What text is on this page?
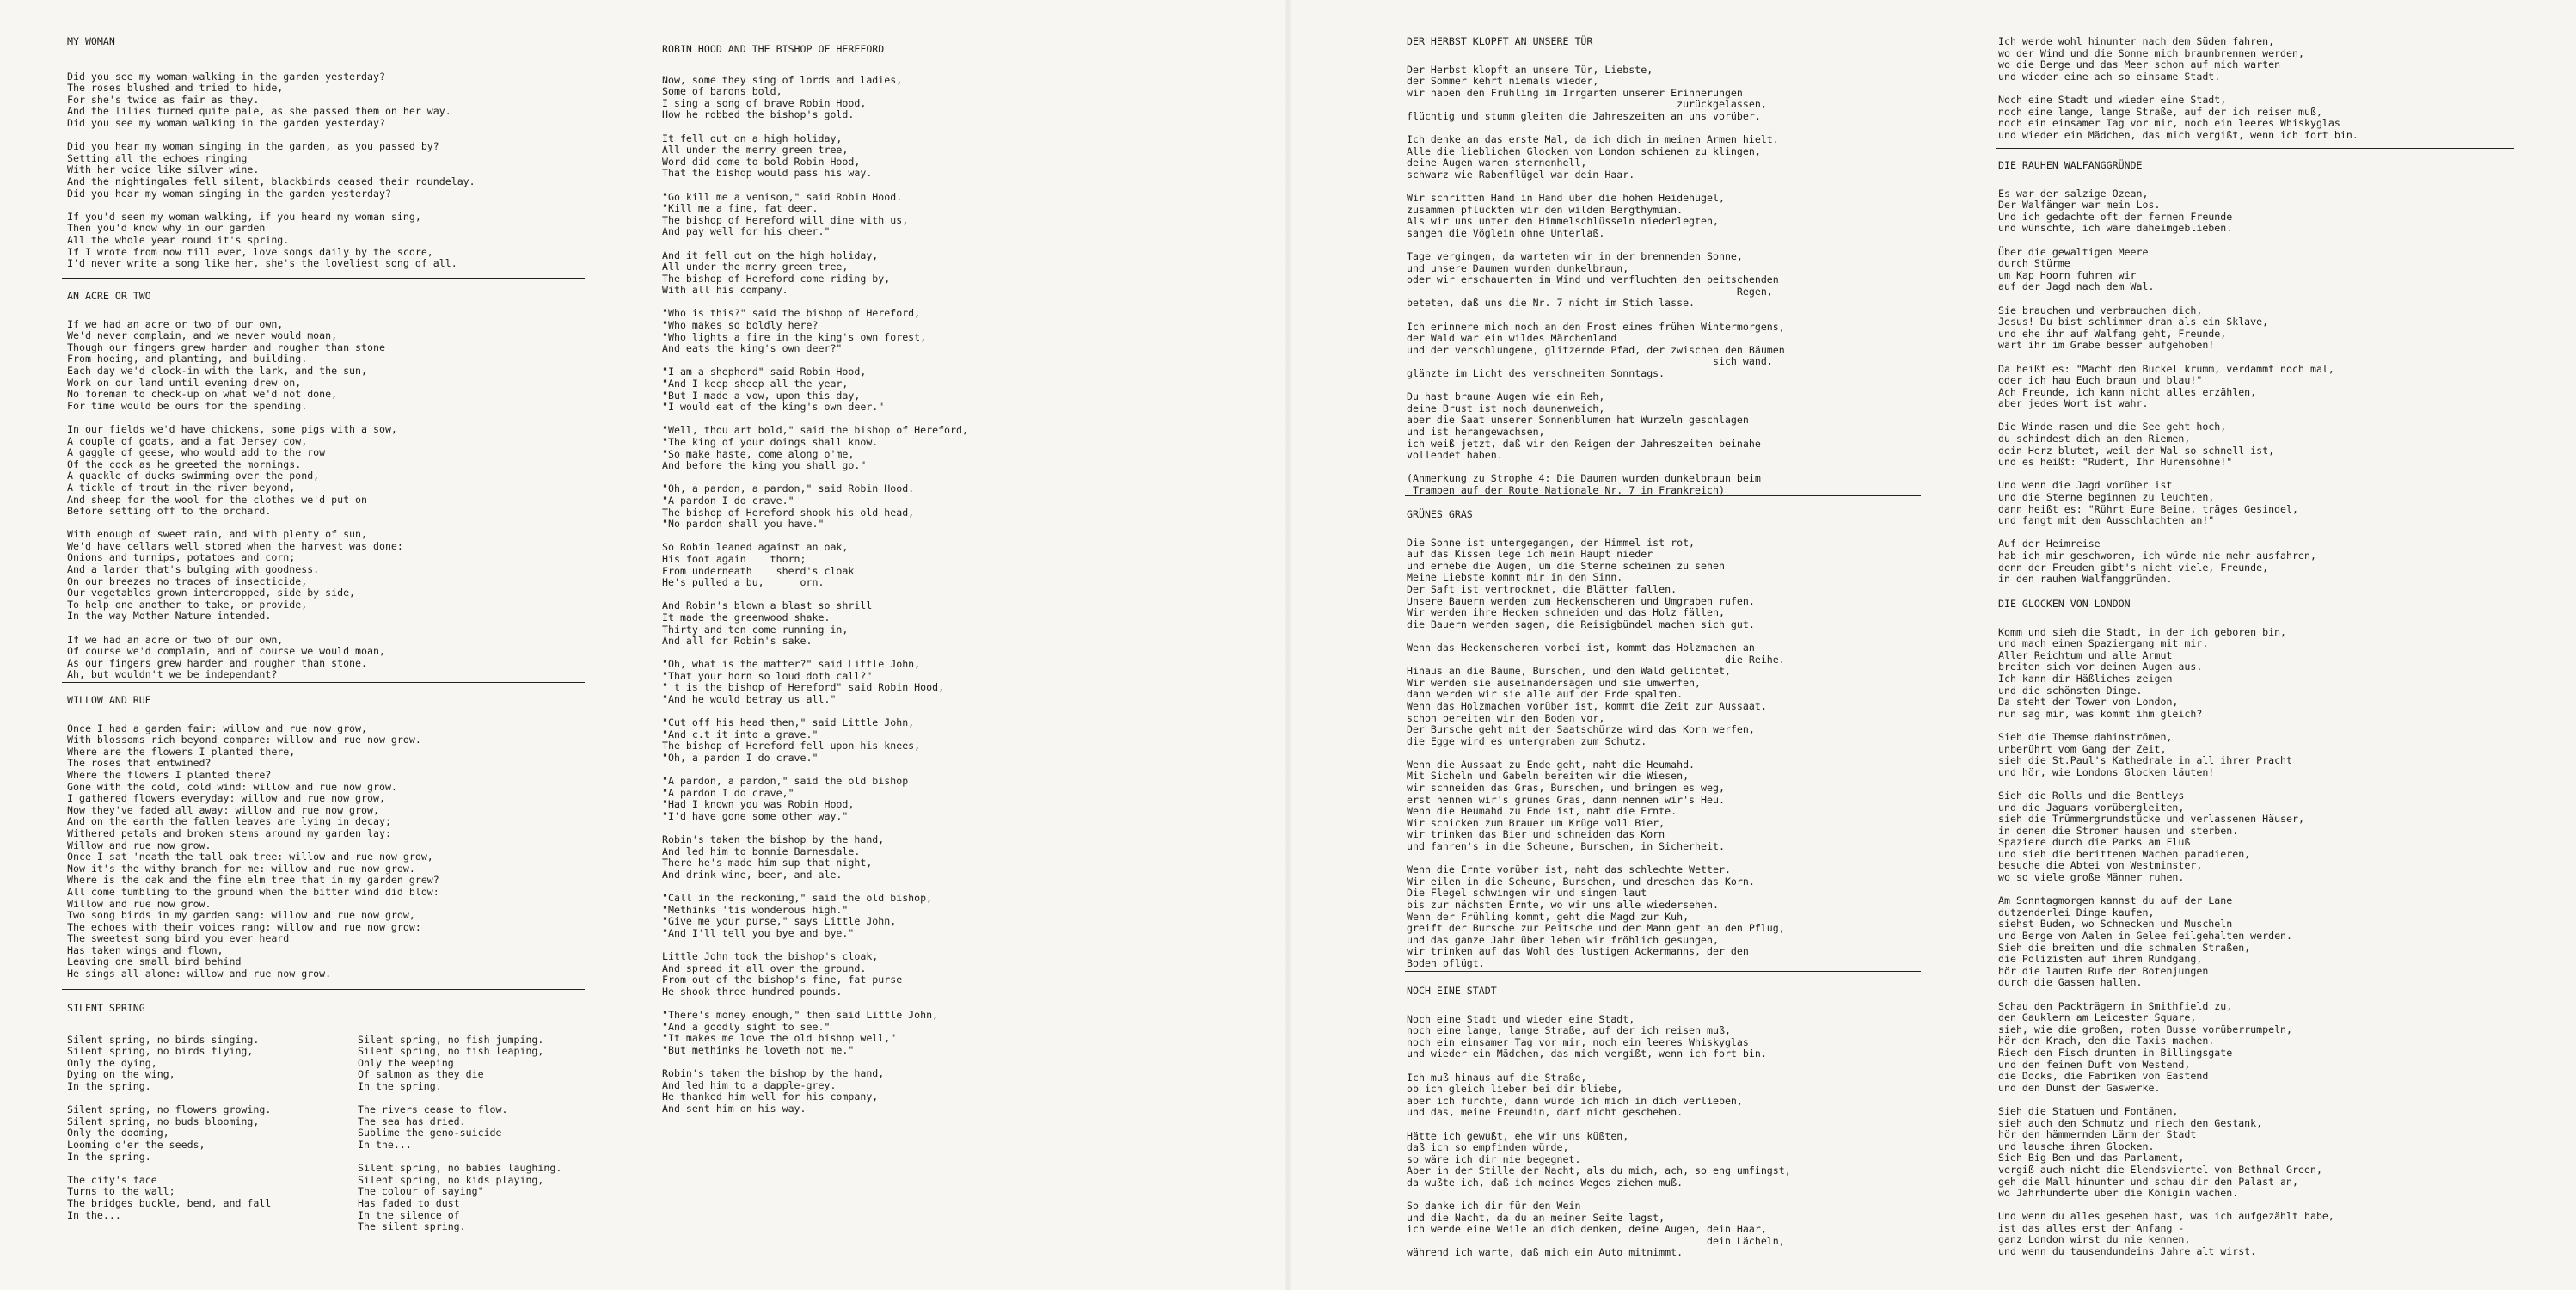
MY WOMAN
Did you see my woman walking in the garden yesterday?
The roses blushed and tried to hide,
For she's twice as fair as they.
And the lilies turned quite pale, as she passed them on her way.
Did you see my woman walking in the garden yesterday?
Did you hear my woman singing in the garden, as you passed by?
Setting all the echoes ringing
With her voice like silver wine.
And the nightingales fell silent, blackbirds ceased their roundelay.
Did you hear my woman singing in the garden yesterday?
If you'd seen my woman walking, if you heard my woman sing,
Then you'd know why in our garden
All the whole year round it's spring.
If I wrote from now till ever, love songs daily by the score,
I'd never write a song like her, she's the loveliest song of all.
AN ACRE OR TWO
If we had an acre or two of our own,
We'd never complain, and we never would moan,
Though our fingers grew harder and rougher than stone
From hoeing, and planting, and building.
Each day we'd clock-in with the lark, and the sun,
Work on our land until evening drew on,
No foreman to check-up on what we'd not done,
For time would be ours for the spending.
In our fields we'd have chickens, some pigs with a sow,
A couple of goats, and a fat Jersey cow,
A gaggle of geese, who would add to the row
Of the cock as he greeted the mornings.
A quackle of ducks swimming over the pond,
A tickle of trout in the river beyond,
And sheep for the wool for the clothes we'd put on
Before setting off to the orchard.
With enough of sweet rain, and with plenty of sun,
We'd have cellars well stored when the harvest was done:
Onions and turnips, potatoes and corn;
And a larder that's bulging with goodness.
On our breezes no traces of insecticide,
Our vegetables grown intercropped, side by side,
To help one another to take, or provide,
In the way Mother Nature intended.
If we had an acre or two of our own,
Of course we'd complain, and of course we would moan,
As our fingers grew harder and rougher than stone.
Ah, but wouldn't we be independant?
WILLOW AND RUE
Once I had a garden fair: willow and rue now grow,
With blossoms rich beyond compare: willow and rue now grow.
Where are the flowers I planted there,
The roses that entwined?
Where the flowers I planted there?
Gone with the cold, cold wind: willow and rue now grow.
I gathered flowers everyday: willow and rue now grow,
Now they've faded all away: willow and rue now grow,
And on the earth the fallen leaves are lying in decay;
Withered petals and broken stems around my garden lay:
Willow and rue now grow.
Once I sat 'neath the tall oak tree: willow and rue now grow,
Now it's the withy branch for me: willow and rue now grow.
Where is the oak and the fine elm tree that in my garden grew?
All come tumbling to the ground when the bitter wind did blow:
Willow and rue now grow.
Two song birds in my garden sang: willow and rue now grow,
The echoes with their voices rang: willow and rue now grow:
The sweetest song bird you ever heard
Has taken wings and flown,
Leaving one small bird behind
He sings all alone: willow and rue now grow.
SILENT SPRING
Silent spring, no birds singing.
Silent spring, no birds flying,
Only the dying,
Dying on the wing,
In the spring.
Silent spring, no flowers growing.
Silent spring, no buds blooming,
Only the dooming,
Looming o'er the seeds,
In the spring.
The city's face
Turns to the wall;
The bridges buckle, bend, and fall
In the...
Silent spring, no fish jumping.
Silent spring, no fish leaping,
Only the weeping
Of salmon as they die
In the spring.
The rivers cease to flow.
The sea has dried.
Sublime the geno-suicide
In the...
Silent spring, no babies laughing.
Silent spring, no kids playing,
The colour of saying"
Has faded to dust
In the silence of
The silent spring.
ROBIN HOOD AND THE BISHOP OF HEREFORD
Now, some they sing of lords and ladies,
Some of barons bold,
I sing a song of brave Robin Hood,
How he robbed the bishop's gold.
It fell out on a high holiday,
All under the merry green tree,
Word did come to bold Robin Hood,
That the bishop would pass his way.
"Go kill me a venison," said Robin Hood.
"Kill me a fine, fat deer.
The bishop of Hereford will dine with us,
And pay well for his cheer."
And it fell out on the high holiday,
All under the merry green tree,
The bishop of Hereford come riding by,
With all his company.
"Who is this?" said the bishop of Hereford,
"Who makes so boldly here?
"Who lights a fire in the king's own forest,
And eats the king's own deer?"
"I am a shepherd" said Robin Hood,
"And I keep sheep all the year,
"But I made a vow, upon this day,
"I would eat of the king's own deer."
"Well, thou art bold," said the bishop of Hereford,
"The king of your doings shall know.
"So make haste, come along o'me,
And before the king you shall go."
"Oh, a pardon, a pardon," said Robin Hood.
"A pardon I do crave."
The bishop of Hereford shook his old head,
"No pardon shall you have."
So Robin leaned against an oak,
His foot again    thorn;
From underneath    sherd's cloak
He's pulled a bu,      orn.
And Robin's blown a blast so shrill
It made the greenwood shake.
Thirty and ten come running in,
And all for Robin's sake.
"Oh, what is the matter?" said Little John,
"That your horn so loud doth call?"
" t is the bishop of Hereford" said Robin Hood,
"And he would betray us all."
"Cut off his head then," said Little John,
"And c.t it into a grave."
The bishop of Hereford fell upon his knees,
"Oh, a pardon I do crave."
"A pardon, a pardon," said the old bishop
"A pardon I do crave,"
"Had I known you was Robin Hood,
"I'd have gone some other way."
Robin's taken the bishop by the hand,
And led him to bonnie Barnesdale.
There he's made him sup that night,
And drink wine, beer, and ale.
"Call in the reckoning," said the old bishop,
"Methinks 'tis wonderous high."
"Give me your purse," says Little John,
"And I'll tell you bye and bye."
Little John took the bishop's cloak,
And spread it all over the ground.
From out of the bishop's fine, fat purse
He shook three hundred pounds.
"There's money enough," then said Little John,
"And a goodly sight to see."
"It makes me love the old bishop well,"
"But methinks he loveth not me."
Robin's taken the bishop by the hand,
And led him to a dapple-grey.
He thanked him well for his company,
And sent him on his way.
DER HERBST KLOPFT AN UNSERE TÜR
Der Herbst klopft an unsere Tür, Liebste,
der Sommer kehrt niemals wieder,
wir haben den Frühling im Irrgarten unserer Erinnerungen
zurückgelassen,
flüchtig und stumm gleiten die Jahreszeiten an uns vorüber.
Ich denke an das erste Mal, da ich dich in meinen Armen hielt.
Alle die lieblichen Glocken von London schienen zu klingen,
deine Augen waren sternenhell,
schwarz wie Rabenflügel war dein Haar.
Wir schritten Hand in Hand über die hohen Heidehügel,
zusammen pflückten wir den wilden Bergthymian.
Als wir uns unter den Himmelschlüsseln niederlegten,
sangen die Vöglein ohne Unterlaß.
Tage vergingen, da warteten wir in der brennenden Sonne,
und unsere Daumen wurden dunkelbraun,
oder wir erschauerten im Wind und verfluchten den peitschenden
Regen,
beteten, daß uns die Nr. 7 nicht im Stich lasse.
Ich erinnere mich noch an den Frost eines frühen Wintermorgens,
der Wald war ein wildes Märchenland
und der verschlungene, glitzernde Pfad, der zwischen den Bäumen
sich wand,
glänzte im Licht des verschneiten Sonntags.
Du hast braune Augen wie ein Reh,
deine Brust ist noch daunenweich,
aber die Saat unserer Sonnenblumen hat Wurzeln geschlagen
und ist herangewachsen,
ich weiß jetzt, daß wir den Reigen der Jahreszeiten beinahe
vollendet haben.
(Anmerkung zu Strophe 4: Die Daumen wurden dunkelbraun beim
Trampen auf der Route Nationale Nr. 7 in Frankreich)
GRÜNES GRAS
Die Sonne ist untergegangen, der Himmel ist rot,
auf das Kissen lege ich mein Haupt nieder
und erhebe die Augen, um die Sterne scheinen zu sehen
Meine Liebste kommt mir in den Sinn.
Der Saft ist vertrocknet, die Blätter fallen.
Unsere Bauern werden zum Heckenscheren und Umgraben rufen.
Wir werden ihre Hecken schneiden und das Holz fällen,
die Bauern werden sagen, die Reisigbündel machen sich gut.
Wenn das Heckenscheren vorbei ist, kommt das Holzmachen an
die Reihe.
Hinaus an die Bäume, Burschen, und den Wald gelichtet,
Wir werden sie auseinandersägen und sie umwerfen,
dann werden wir sie alle auf der Erde spalten.
Wenn das Holzmachen vorüber ist, kommt die Zeit zur Aussaat,
schon bereiten wir den Boden vor,
Der Bursche geht mit der Saatschürze wird das Korn werfen,
die Egge wird es untergraben zum Schutz.
Wenn die Aussaat zu Ende geht, naht die Heumahd.
Mit Sicheln und Gabeln bereiten wir die Wiesen,
wir schneiden das Gras, Burschen, und bringen es weg,
erst nennen wir's grünes Gras, dann nennen wir's Heu.
Wenn die Heumahd zu Ende ist, naht die Ernte.
Wir schicken zum Brauer um Krüge voll Bier,
wir trinken das Bier und schneiden das Korn
und fahren's in die Scheune, Burschen, in Sicherheit.
Wenn die Ernte vorüber ist, naht das schlechte Wetter.
Wir eilen in die Scheune, Burschen, und dreschen das Korn.
Die Flegel schwingen wir und singen laut
bis zur nächsten Ernte, wo wir uns alle wiedersehen.
Wenn der Frühling kommt, geht die Magd zur Kuh,
greift der Bursche zur Peitsche und der Mann geht an den Pflug,
und das ganze Jahr über leben wir fröhlich gesungen,
wir trinken auf das Wohl des lustigen Ackermanns, der den
Boden pflügt.
NOCH EINE STADT
Noch eine Stadt und wieder eine Stadt,
noch eine lange, lange Straße, auf der ich reisen muß,
noch ein einsamer Tag vor mir, noch ein leeres Whiskyglas
und wieder ein Mädchen, das mich vergißt, wenn ich fort bin.
Ich muß hinaus auf die Straße,
ob ich gleich lieber bei dir bliebe,
aber ich fürchte, dann würde ich mich in dich verlieben,
und das, meine Freundin, darf nicht geschehen.
Hätte ich gewußt, ehe wir uns küßten,
daß ich so empfinden würde,
so wäre ich dir nie begegnet.
Aber in der Stille der Nacht, als du mich, ach, so eng umfingst,
da wußte ich, daß ich meines Weges ziehen muß.
So danke ich dir für den Wein
und die Nacht, da du an meiner Seite lagst,
ich werde eine Weile an dich denken, deine Augen, dein Haar,
dein Lächeln,
während ich warte, daß mich ein Auto mitnimmt.
Ich werde wohl hinunter nach dem Süden fahren,
wo der Wind und die Sonne mich braunbrennen werden,
wo die Berge und das Meer schon auf mich warten
und wieder eine ach so einsame Stadt.
Noch eine Stadt und wieder eine Stadt,
noch eine lange, lange Straße, auf der ich reisen muß,
noch ein einsamer Tag vor mir, noch ein leeres Whiskyglas
und wieder ein Mädchen, das mich vergißt, wenn ich fort bin.
DIE RAUHEN WALFANGGRÜNDE
Es war der salzige Ozean,
Der Walfänger war mein Los.
Und ich gedachte oft der fernen Freunde
und wünschte, ich wäre daheimgeblieben.
Über die gewaltigen Meere
durch Stürme
um Kap Hoorn fuhren wir
auf der Jagd nach dem Wal.
Sie brauchen und verbrauchen dich,
Jesus! Du bist schlimmer dran als ein Sklave,
und ehe ihr auf Walfang geht, Freunde,
wärt ihr im Grabe besser aufgehoben!
Da heißt es: "Macht den Buckel krumm, verdammt noch mal,
oder ich hau Euch braun und blau!"
Ach Freunde, ich kann nicht alles erzählen,
aber jedes Wort ist wahr.
Die Winde rasen und die See geht hoch,
du schindest dich an den Riemen,
dein Herz blutet, weil der Wal so schnell ist,
und es heißt: "Rudert, Ihr Hurensöhne!"
Und wenn die Jagd vorüber ist
und die Sterne beginnen zu leuchten,
dann heißt es: "Rührt Eure Beine, träges Gesindel,
und fangt mit dem Ausschlachten an!"
Auf der Heimreise
hab ich mir geschworen, ich würde nie mehr ausfahren,
denn der Freuden gibt's nicht viele, Freunde,
in den rauhen Walfanggründen.
DIE GLOCKEN VON LONDON
Komm und sieh die Stadt, in der ich geboren bin,
und mach einen Spaziergang mit mir.
Aller Reichtum und alle Armut
breiten sich vor deinen Augen aus.
Ich kann dir Häßliches zeigen
und die schönsten Dinge.
Da steht der Tower von London,
nun sag mir, was kommt ihm gleich?
Sieh die Themse dahinströmen,
unberührt vom Gang der Zeit,
sieh die St.Paul's Kathedrale in all ihrer Pracht
und hör, wie Londons Glocken läuten!
Sieh die Rolls und die Bentleys
und die Jaguars vorübergleiten,
sieh die Trümmergrundstücke und verlassenen Häuser,
in denen die Stromer hausen und sterben.
Spaziere durch die Parks am Fluß
und sieh die berittenen Wachen paradieren,
besuche die Abtei von Westminster,
wo so viele große Männer ruhen.
Am Sonntagmorgen kannst du auf der Lane
dutzenderlei Dinge kaufen,
siehst Buden, wo Schnecken und Muscheln
und Berge von Aalen in Gelee feilgehalten werden.
Sieh die breiten und die schmalen Straßen,
die Polizisten auf ihrem Rundgang,
hör die lauten Rufe der Botenjungen
durch die Gassen hallen.
Schau den Packträgern in Smithfield zu,
den Gauklern am Leicester Square,
sieh, wie die großen, roten Busse vorüberrumpeln,
hör den Krach, den die Taxis machen.
Riech den Fisch drunten in Billingsgate
und den feinen Duft vom Westend,
die Docks, die Fabriken von Eastend
und den Dunst der Gaswerke.
Sieh die Statuen und Fontänen,
sieh auch den Schmutz und riech den Gestank,
hör den hämmernden Lärm der Stadt
und lausche ihren Glocken.
Sieh Big Ben und das Parlament,
vergiß auch nicht die Elendsviertel von Bethnal Green,
geh die Mall hinunter und schau dir den Palast an,
wo Jahrhunderte über die Königin wachen.
Und wenn du alles gesehen hast, was ich aufgezählt habe,
ist das alles erst der Anfang -
ganz London wirst du nie kennen,
und wenn du tausendundeins Jahre alt wirst.
